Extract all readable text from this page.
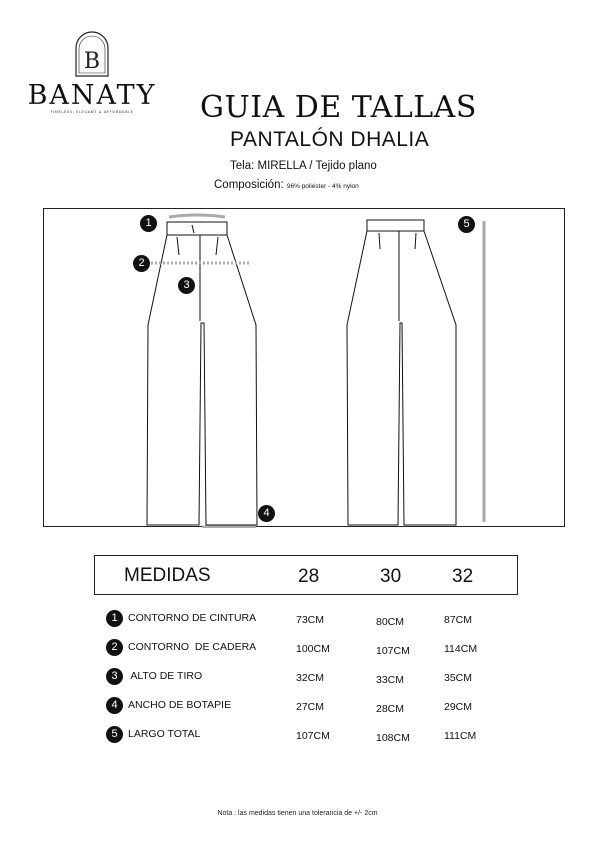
B
BANATY
TIMELESS, ELEGANT & AFFORDABLE	GUIA DE TALLAS
PANTALÓN DHALIA
Tela: MIRELLA / Tejido plano
Composición: 96% poliéster - 4% nylon
1
2
3
4
5
MEDIDAS	28	30	32
1 CONTORNO DE CINTURA	73CM	80CM	87CM
2 CONTORNO  DE CADERA	100CM	107CM	114CM
3 ALTO DE TIRO	32CM	33CM	35CM
4 ANCHO DE BOTAPIE	27CM	28CM	29CM
5 LARGO TOTAL	107CM	108CM	111CM
Nota : las medidas tienen una tolerancia de +/- 2cm
